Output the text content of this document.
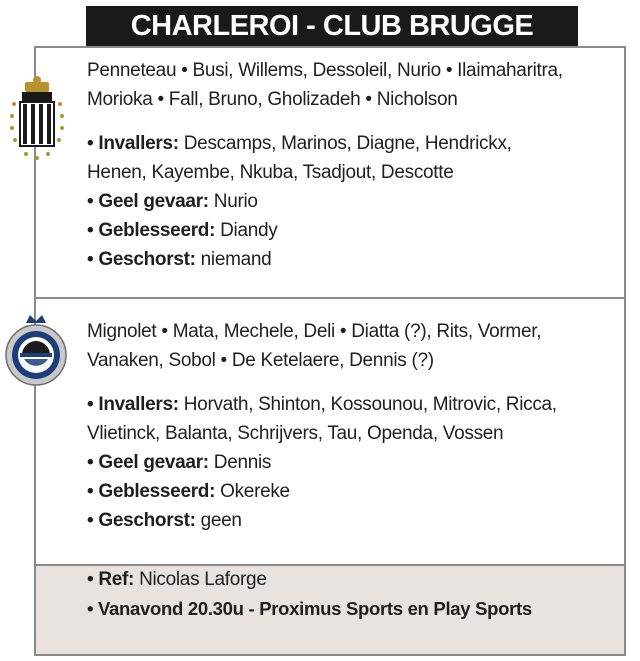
CHARLEROI - CLUB BRUGGE
Penneteau • Busi, Willems, Dessoleil, Nurio • Ilaimaharitra,
Morioka • Fall, Bruno, Gholizadeh • Nicholson
• Invallers: Descamps, Marinos, Diagne, Hendrickx,
Henen, Kayembe, Nkuba, Tsadjout, Descotte
• Geel gevaar: Nurio
• Geblesseerd: Diandy
• Geschorst: niemand
Mignolet • Mata, Mechele, Deli • Diatta (?), Rits, Vormer,
Vanaken, Sobol • De Ketelaere, Dennis (?)
• Invallers: Horvath, Shinton, Kossounou, Mitrovic, Ricca,
Vlietinck, Balanta, Schrijvers, Tau, Openda, Vossen
• Geel gevaar: Dennis
• Geblesseerd: Okereke
• Geschorst: geen
• Ref: Nicolas Laforge
• Vanavond 20.30u - Proximus Sports en Play Sports
